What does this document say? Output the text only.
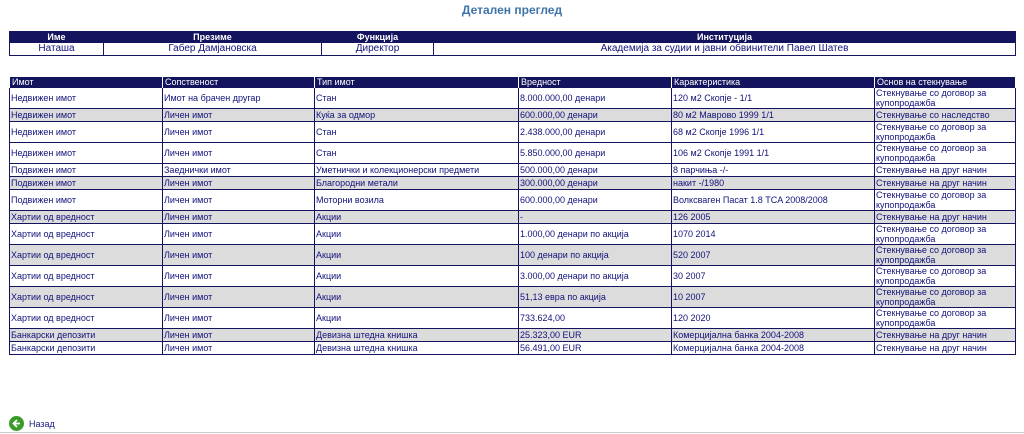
Детален преглед
Име	Презиме	Функција	Институција
Наташа	Габер Дамјановска	Директор	Академија за судии и јавни обвинители Павел Шатев
Имот	Сопственост	Тип имот	Вредност	Карактеристика	Основ на стекнување
Недвижен имот	Имот на брачен другар	Стан	8.000.000,00 денари	120 м2 Скопје - 1/1	Стекнување со договор за купопродажба
Недвижен имот	Личен имот	Куќа за одмор	600.000,00 денари	80 м2 Маврово 1999 1/1	Стекнување со наследство
Недвижен имот	Личен имот	Стан	2.438.000,00 денари	68 м2 Скопје 1996 1/1	Стекнување со договор за купопродажба
Недвижен имот	Личен имот	Стан	5.850.000,00 денари	106 м2 Скопје 1991 1/1	Стекнување со договор за купопродажба
Подвижен имот	Заеднички имот	Уметнички и колекционерски предмети	500.000,00 денари	8 парчиња -/-	Стекнување на друг начин
Подвижен имот	Личен имот	Благородни метали	300.000,00 денари	накит -/1980	Стекнување на друг начин
Подвижен имот	Личен имот	Моторни возила	600.000,00 денари	Волксваген Пасат 1.8 TCA 2008/2008	Стекнување со договор за купопродажба
Хартии од вредност	Личен имот	Акции	-	126 2005	Стекнување на друг начин
Хартии од вредност	Личен имот	Акции	1.000,00 денари по акција	1070 2014	Стекнување со договор за купопродажба
Хартии од вредност	Личен имот	Акции	100 денари по акција	520 2007	Стекнување со договор за купопродажба
Хартии од вредност	Личен имот	Акции	3.000,00 денари по акција	30 2007	Стекнување со договор за купопродажба
Хартии од вредност	Личен имот	Акции	51,13 евра по акција	10 2007	Стекнување со договор за купопродажба
Хартии од вредност	Личен имот	Акции	733.624,00	120 2020	Стекнување со договор за купопродажба
Банкарски депозити	Личен имот	Девизна штедна книшка	25.323,00 EUR	Комерцијална банка 2004-2008	Стекнување на друг начин
Банкарски депозити	Личен имот	Девизна штедна книшка	56.491,00 EUR	Комерцијална банка 2004-2008	Стекнување на друг начин
Назад
